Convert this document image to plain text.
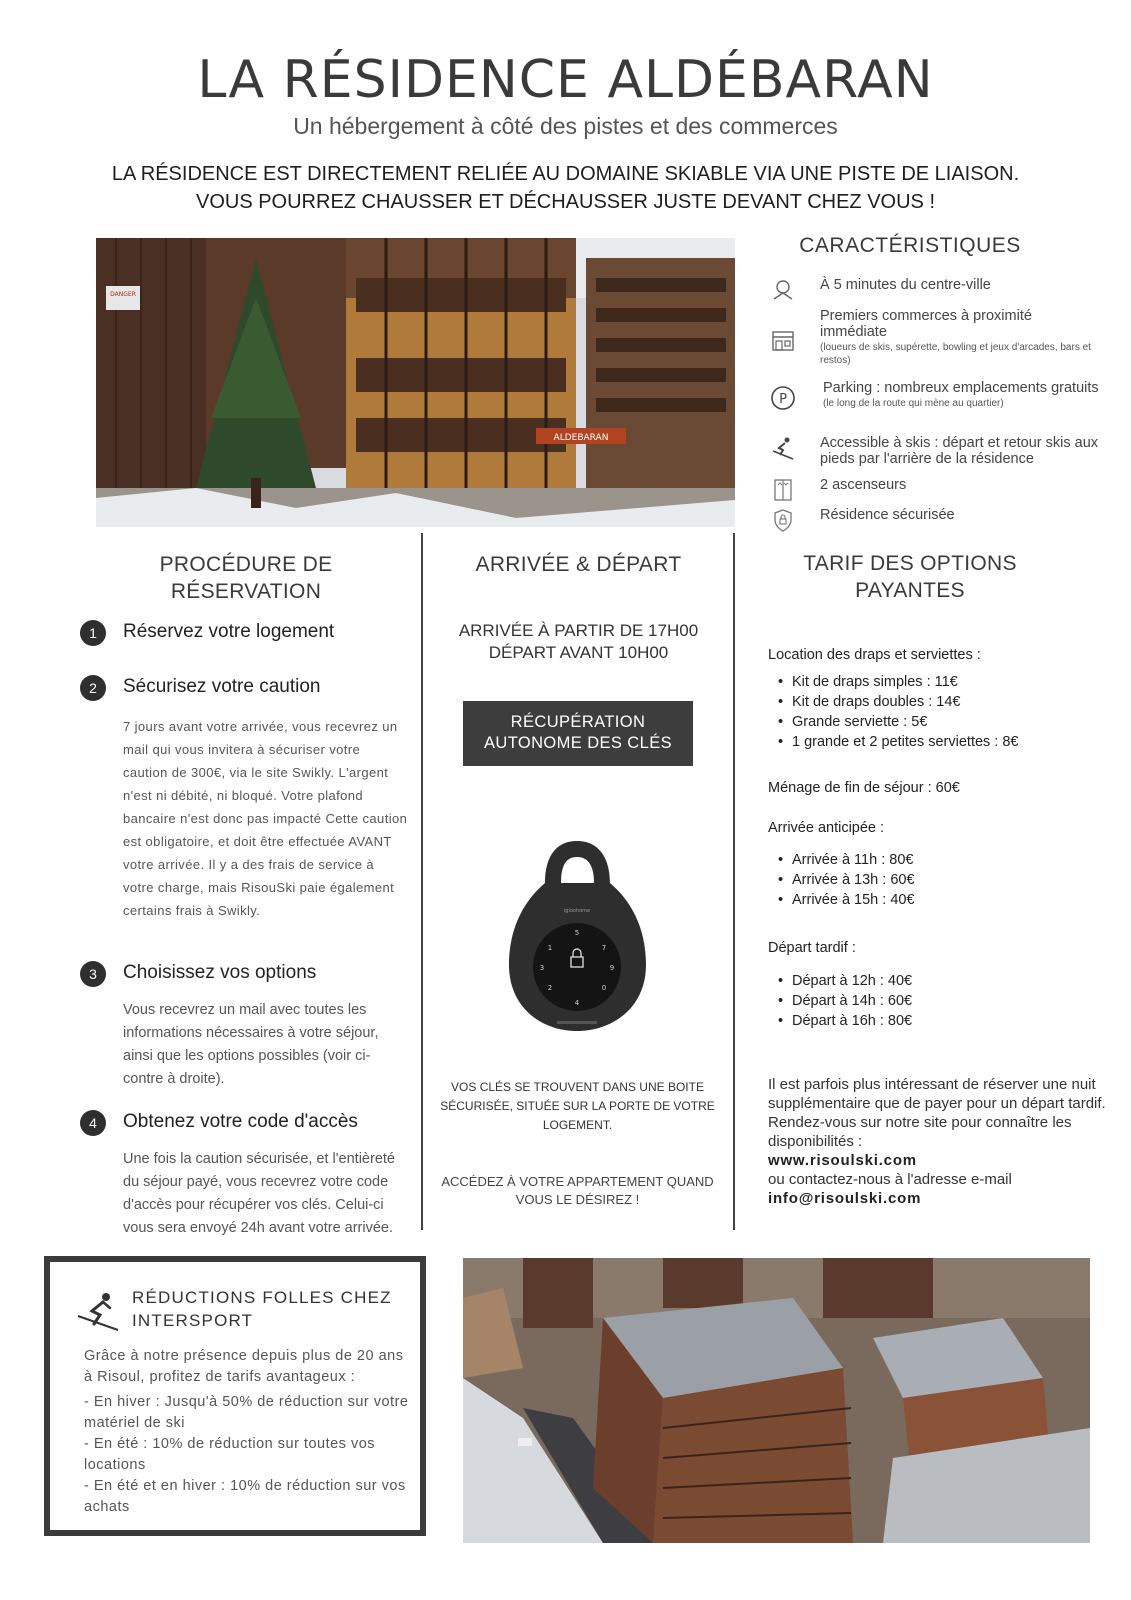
LA RÉSIDENCE ALDÉBARAN
Un hébergement à côté des pistes et des commerces
LA RÉSIDENCE EST DIRECTEMENT RELIÉE AU DOMAINE SKIABLE VIA UNE PISTE DE LIAISON.
VOUS POURREZ CHAUSSER ET DÉCHAUSSER JUSTE DEVANT CHEZ VOUS !
DANGER
ALDEBARAN
CARACTÉRISTIQUES
À 5 minutes du centre-ville
Premiers commerces à proximité immédiate
(loueurs de skis, supérette, bowling et jeux d'arcades, bars et restos)
P
Parking : nombreux emplacements gratuits
(le long de la route qui mène au quartier)
Accessible à skis : départ et retour skis aux pieds par l'arrière de la résidence
2 ascenseurs
Résidence sécurisée
PROCÉDURE DE
RÉSERVATION
1	Réservez votre logement
2	Sécurisez votre caution
7 jours avant votre arrivée, vous recevrez un mail qui vous invitera à sécuriser votre caution de 300€, via le site Swikly. L'argent n'est ni débité, ni bloqué. Votre plafond bancaire n'est donc pas impacté Cette caution est obligatoire, et doit être effectuée AVANT votre arrivée. Il y a des frais de service à votre charge, mais RisouSki paie également certains frais à Swikly.
3	Choisissez vos options
Vous recevrez un mail avec toutes les informations nécessaires à votre séjour, ainsi que les options possibles (voir ci-contre à droite).
4	Obtenez votre code d'accès
Une fois la caution sécurisée, et l'entièreté du séjour payé, vous recevrez votre code d'accès pour récupérer vos clés. Celui-ci vous sera envoyé 24h avant votre arrivée.
ARRIVÉE & DÉPART
ARRIVÉE À PARTIR DE 17H00
DÉPART AVANT 10H00
RÉCUPÉRATION
AUTONOME DES CLÉS
igloohome
5
1	7
3	9
2	0
4
VOS CLÉS SE TROUVENT DANS UNE BOITE SÉCURISÉE, SITUÉE SUR LA PORTE DE VOTRE LOGEMENT.
ACCÉDEZ À VOTRE APPARTEMENT QUAND VOUS LE DÉSIREZ !
TARIF DES OPTIONS
PAYANTES
Location des draps et serviettes :
• Kit de draps simples : 11€
• Kit de draps doubles : 14€
• Grande serviette : 5€
• 1 grande et 2 petites serviettes : 8€
Ménage de fin de séjour : 60€
Arrivée anticipée :
• Arrivée à 11h : 80€
• Arrivée à 13h : 60€
• Arrivée à 15h : 40€
Départ tardif :
• Départ à 12h : 40€
• Départ à 14h : 60€
• Départ à 16h : 80€
Il est parfois plus intéressant de réserver une nuit supplémentaire que de payer pour un départ tardif. Rendez-vous sur notre site pour connaître les disponibilités :
www.risoulski.com
ou contactez-nous à l'adresse e-mail
info@risoulski.com
RÉDUCTIONS FOLLES CHEZ INTERSPORT
Grâce à notre présence depuis plus de 20 ans à Risoul, profitez de tarifs avantageux :
- En hiver : Jusqu'à 50% de réduction sur votre matériel de ski
- En été : 10% de réduction sur toutes vos locations
- En été et en hiver : 10% de réduction sur vos achats
